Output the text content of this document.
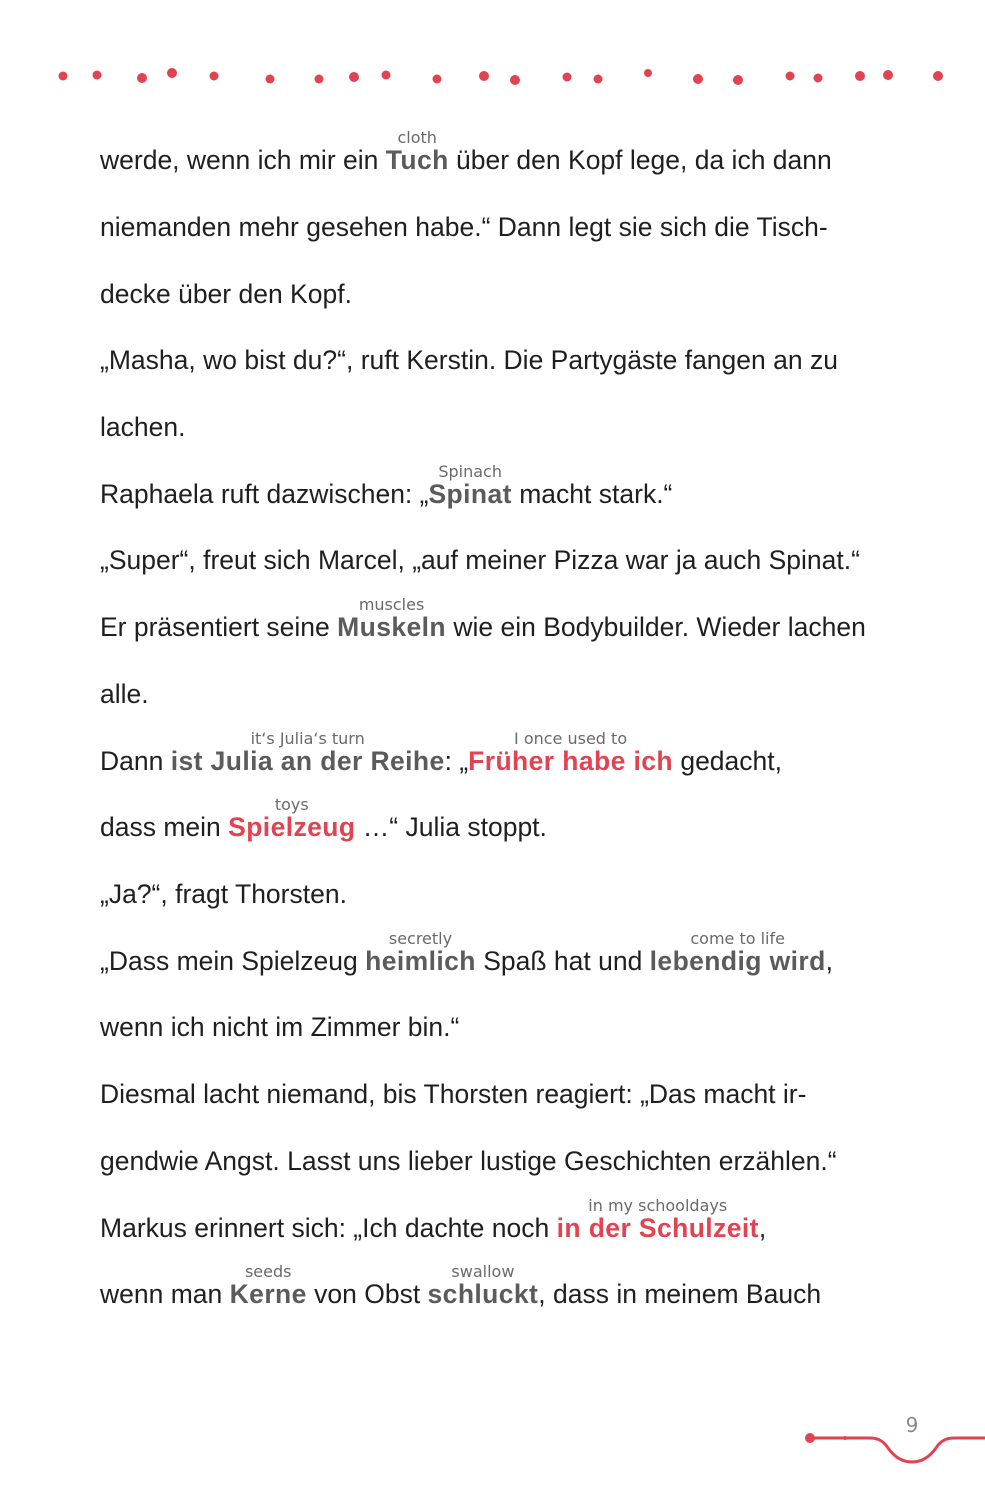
werde, wenn ich mir ein Tuch
cloth
über den Kopf lege, da ich dann
niemanden mehr gesehen habe.“ Dann legt sie sich die Tisch-
decke über den Kopf.
„Masha, wo bist du?“, ruft Kerstin. Die Partygäste fangen an zu
lachen.
Raphaela ruft dazwischen: „Spinat
Spinach
macht stark.“
„Super“, freut sich Marcel, „auf meiner Pizza war ja auch Spinat.“
Er präsentiert seine Muskeln
muscles
wie ein Bodybuilder. Wieder lachen
alle.
Dann ist Julia an der Reihe
it‘s Julia‘s turn
: „Früher habe ich
I once used to
gedacht,
dass mein Spielzeug
toys
…“ Julia stoppt.
„Ja?“, fragt Thorsten.
„Dass mein Spielzeug heimlich
secretly
Spaß hat und lebendig wird
come to life
,
wenn ich nicht im Zimmer bin.“
Diesmal lacht niemand, bis Thorsten reagiert: „Das macht ir-
gendwie Angst. Lasst uns lieber lustige Geschichten erzählen.“
Markus erinnert sich: „Ich dachte noch in der Schulzeit
in my schooldays
,
wenn man Kerne
seeds
von Obst schluckt
swallow
, dass in meinem Bauch
9
